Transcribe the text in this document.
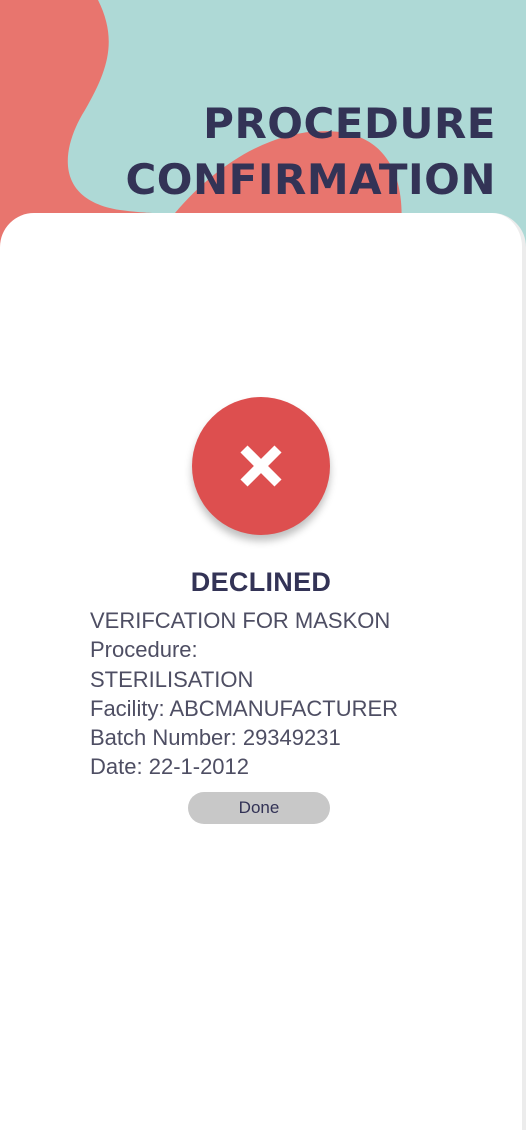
PROCEDURE
CONFIRMATION
DECLINED
VERIFCATION FOR MASKON
Procedure:
STERILISATION
Facility: ABCMANUFACTURER
Batch Number: 29349231
Date: 22-1-2012
Done
